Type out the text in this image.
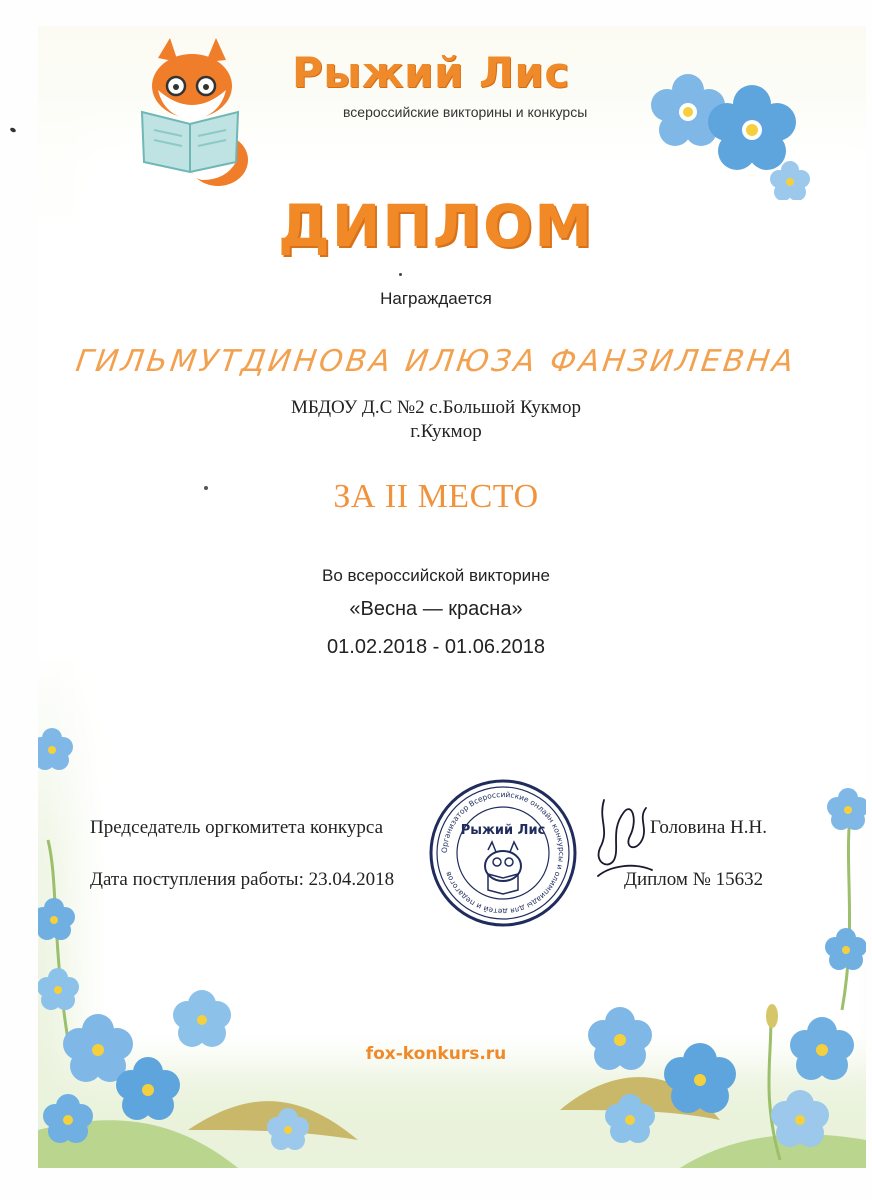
Рыжий Лис
всероссийские викторины и конкурсы
ДИПЛОМ
Награждается
ГИЛЬМУТДИНОВА ИЛЮЗА ФАНЗИЛЕВНА
МБДОУ Д.С №2 с.Большой Кукмор
г.Кукмор
ЗА II МЕСТО
Во всероссийской викторине
«Весна — красна»
01.02.2018 - 01.06.2018
Председатель оргкомитета конкурса
Дата поступления работы: 23.04.2018
Организатор Всероссийские онлайн конкурсы и олимпиады для детей и педагогов
Рыжий Лис	Головина Н.Н.
Диплом № 15632
fox-konkurs.ru
